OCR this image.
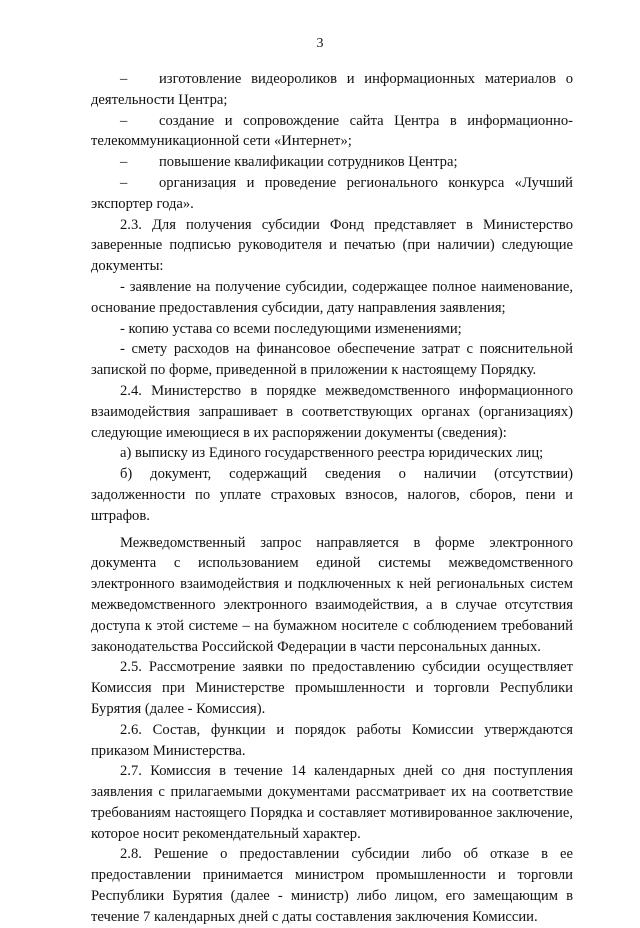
3
–	изготовление видеороликов и информационных материалов о

деятельности Центра;

–	создание и сопровождение сайта Центра в информационно-

телекоммуникационной сети «Интернет»;

–	повышение квалификации сотрудников Центра;
–	организация и проведение регионального конкурса «Лучший

экспортер года».

2.3. Для получения субсидии Фонд представляет в Министерство заверенные подписью руководителя и печатью (при наличии) следующие документы:

- заявление на получение субсидии, содержащее полное наименование, основание предоставления субсидии, дату направления заявления;

- копию устава со всеми последующими изменениями;

- смету расходов на финансовое обеспечение затрат с пояснительной запиской по форме, приведенной в приложении к настоящему Порядку.

2.4. Министерство в порядке межведомственного информационного взаимодействия запрашивает в соответствующих органах (организациях) следующие имеющиеся в их распоряжении документы (сведения):

а) выписку из Единого государственного реестра юридических лиц;

б) документ, содержащий сведения о наличии (отсутствии) задолженности по уплате страховых взносов, налогов, сборов, пени и штрафов.

Межведомственный запрос направляется в форме электронного документа с использованием единой системы межведомственного электронного взаимодействия и подключенных к ней региональных систем межведомственного электронного взаимодействия, а в случае отсутствия доступа к этой системе – на бумажном носителе с соблюдением требований законодательства Российской Федерации в части персональных данных.

2.5. Рассмотрение заявки по предоставлению субсидии осуществляет Комиссия при Министерстве промышленности и торговли Республики Бурятия (далее - Комиссия).

2.6. Состав, функции и порядок работы Комиссии утверждаются приказом Министерства.

2.7. Комиссия в течение 14 календарных дней со дня поступления заявления с прилагаемыми документами рассматривает их на соответствие требованиям настоящего Порядка и составляет мотивированное заключение, которое носит рекомендательный характер.

2.8. Решение о предоставлении субсидии либо об отказе в ее предоставлении принимается министром промышленности и торговли Республики Бурятия (далее - министр) либо лицом, его замещающим в течение 7 календарных дней с даты составления заключения Комиссии.
